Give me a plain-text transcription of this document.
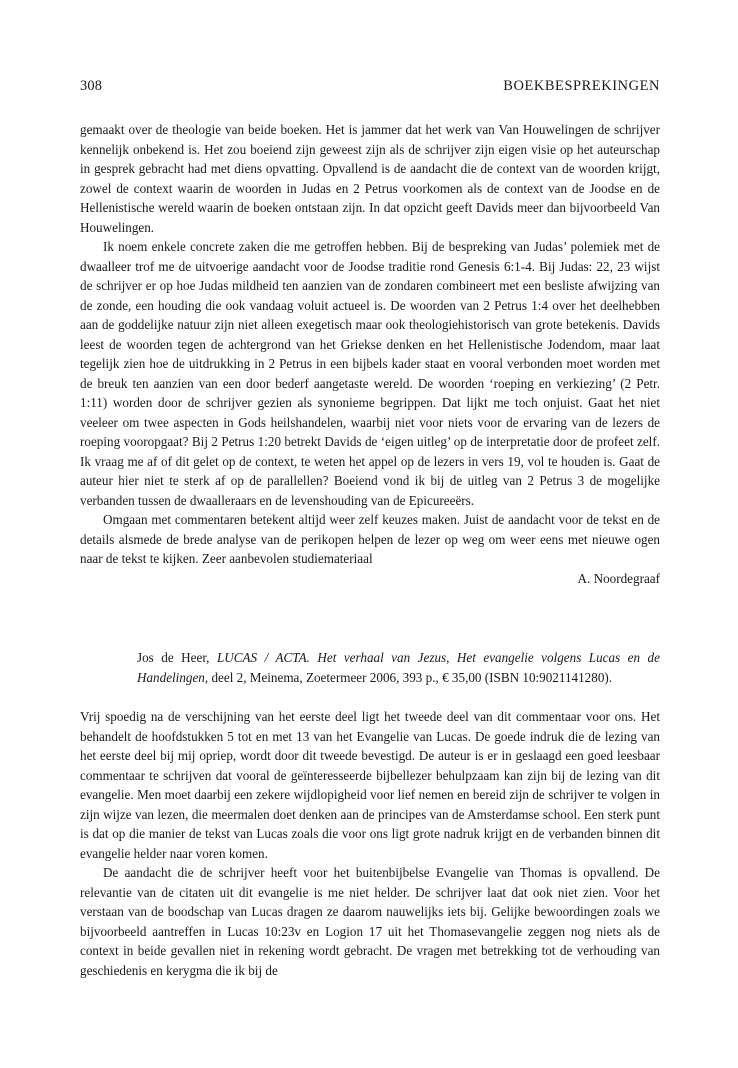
308	BOEKBESPREKINGEN

gemaakt over de theologie van beide boeken. Het is jammer dat het werk van Van Houwelingen de schrijver kennelijk onbekend is. Het zou boeiend zijn geweest zijn als de schrijver zijn eigen visie op het auteurschap in gesprek gebracht had met diens opvatting. Opvallend is de aandacht die de context van de woorden krijgt, zowel de context waarin de woorden in Judas en 2 Petrus voorkomen als de context van de Joodse en de Hellenistische wereld waarin de boeken ontstaan zijn. In dat opzicht geeft Davids meer dan bijvoorbeeld Van Houwelingen.

Ik noem enkele concrete zaken die me getroffen hebben. Bij de bespreking van Judas’ polemiek met de dwaalleer trof me de uitvoerige aandacht voor de Joodse traditie rond Genesis 6:1-4. Bij Judas: 22, 23 wijst de schrijver er op hoe Judas mildheid ten aanzien van de zondaren combineert met een besliste afwijzing van de zonde, een houding die ook vandaag voluit actueel is. De woorden van 2 Petrus 1:4 over het deelhebben aan de goddelijke natuur zijn niet alleen exegetisch maar ook theologiehistorisch van grote betekenis. Davids leest de woorden tegen de achtergrond van het Griekse denken en het Hellenistische Jodendom, maar laat tegelijk zien hoe de uitdrukking in 2 Petrus in een bijbels kader staat en vooral verbonden moet worden met de breuk ten aanzien van een door bederf aangetaste wereld. De woorden ‘roeping en verkiezing’ (2 Petr. 1:11) worden door de schrijver gezien als synonieme begrippen. Dat lijkt me toch onjuist. Gaat het niet veeleer om twee aspecten in Gods heilshandelen, waarbij niet voor niets voor de ervaring van de lezers de roeping vooropgaat? Bij 2 Petrus 1:20 betrekt Davids de ‘eigen uitleg’ op de interpretatie door de profeet zelf. Ik vraag me af of dit gelet op de context, te weten het appel op de lezers in vers 19, vol te houden is. Gaat de auteur hier niet te sterk af op de parallellen? Boeiend vond ik bij de uitleg van 2 Petrus 3 de mogelijke verbanden tussen de dwaalleraars en de levenshouding van de Epicureeërs.

Omgaan met commentaren betekent altijd weer zelf keuzes maken. Juist de aandacht voor de tekst en de details alsmede de brede analyse van de perikopen helpen de lezer op weg om weer eens met nieuwe ogen naar de tekst te kijken. Zeer aanbevolen studiemateriaal

A. Noordegraaf

Jos de Heer, LUCAS / ACTA. Het verhaal van Jezus, Het evangelie volgens Lucas en de Handelingen, deel 2, Meinema, Zoetermeer 2006, 393 p., € 35,00 (ISBN 10:9021141280).

Vrij spoedig na de verschijning van het eerste deel ligt het tweede deel van dit commentaar voor ons. Het behandelt de hoofdstukken 5 tot en met 13 van het Evangelie van Lucas. De goede indruk die de lezing van het eerste deel bij mij opriep, wordt door dit tweede bevestigd. De auteur is er in geslaagd een goed leesbaar commentaar te schrijven dat vooral de geïnteresseerde bijbellezer behulpzaam kan zijn bij de lezing van dit evangelie. Men moet daarbij een zekere wijdlopigheid voor lief nemen en bereid zijn de schrijver te volgen in zijn wijze van lezen, die meermalen doet denken aan de principes van de Amsterdamse school. Een sterk punt is dat op die manier de tekst van Lucas zoals die voor ons ligt grote nadruk krijgt en de verbanden binnen dit evangelie helder naar voren komen.

De aandacht die de schrijver heeft voor het buitenbijbelse Evangelie van Thomas is opvallend. De relevantie van de citaten uit dit evangelie is me niet helder. De schrijver laat dat ook niet zien. Voor het verstaan van de boodschap van Lucas dragen ze daarom nauwelijks iets bij. Gelijke bewoordingen zoals we bijvoorbeeld aantreffen in Lucas 10:23v en Logion 17 uit het Thomasevangelie zeggen nog niets als de context in beide gevallen niet in rekening wordt gebracht. De vragen met betrekking tot de verhouding van geschiedenis en kerygma die ik bij de
